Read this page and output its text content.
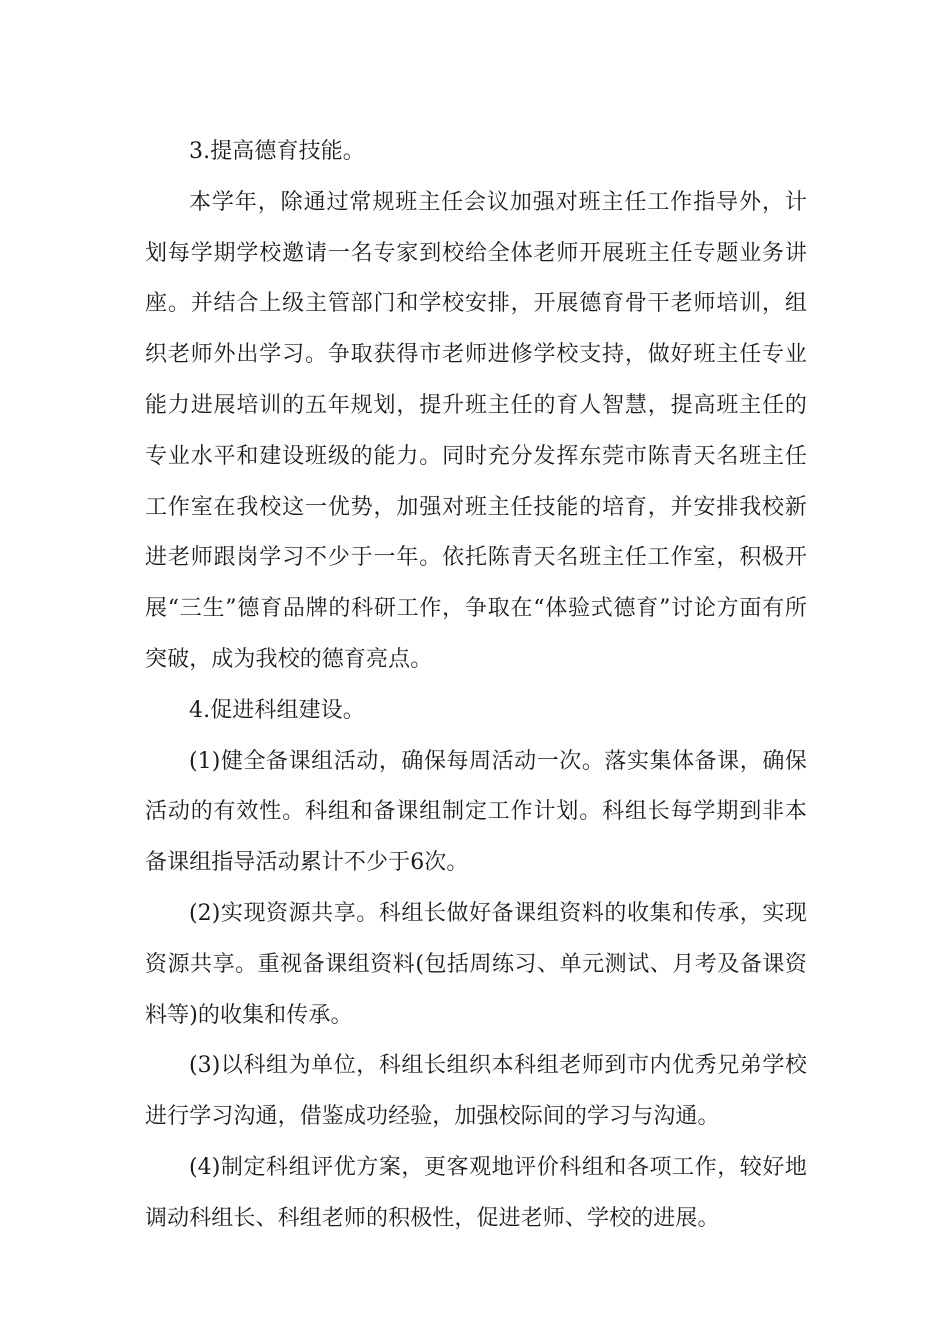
3.提高德育技能。

本学年，除通过常规班主任会议加强对班主任工作指导外，计划每学期学校邀请一名专家到校给全体老师开展班主任专题业务讲座。并结合上级主管部门和学校安排，开展德育骨干老师培训，组织老师外出学习。争取获得市老师进修学校支持，做好班主任专业能力进展培训的五年规划，提升班主任的育人智慧，提高班主任的专业水平和建设班级的能力。同时充分发挥东莞市陈青天名班主任工作室在我校这一优势，加强对班主任技能的培育，并安排我校新进老师跟岗学习不少于一年。依托陈青天名班主任工作室，积极开展“三生”德育品牌的科研工作，争取在“体验式德育”讨论方面有所突破，成为我校的德育亮点。

4.促进科组建设。

(1)健全备课组活动，确保每周活动一次。落实集体备课，确保活动的有效性。科组和备课组制定工作计划。科组长每学期到非本备课组指导活动累计不少于6次。

(2)实现资源共享。科组长做好备课组资料的收集和传承，实现资源共享。重视备课组资料(包括周练习、单元测试、月考及备课资料等)的收集和传承。

(3)以科组为单位，科组长组织本科组老师到市内优秀兄弟学校进行学习沟通，借鉴成功经验，加强校际间的学习与沟通。

(4)制定科组评优方案，更客观地评价科组和各项工作，较好地调动科组长、科组老师的积极性，促进老师、学校的进展。
